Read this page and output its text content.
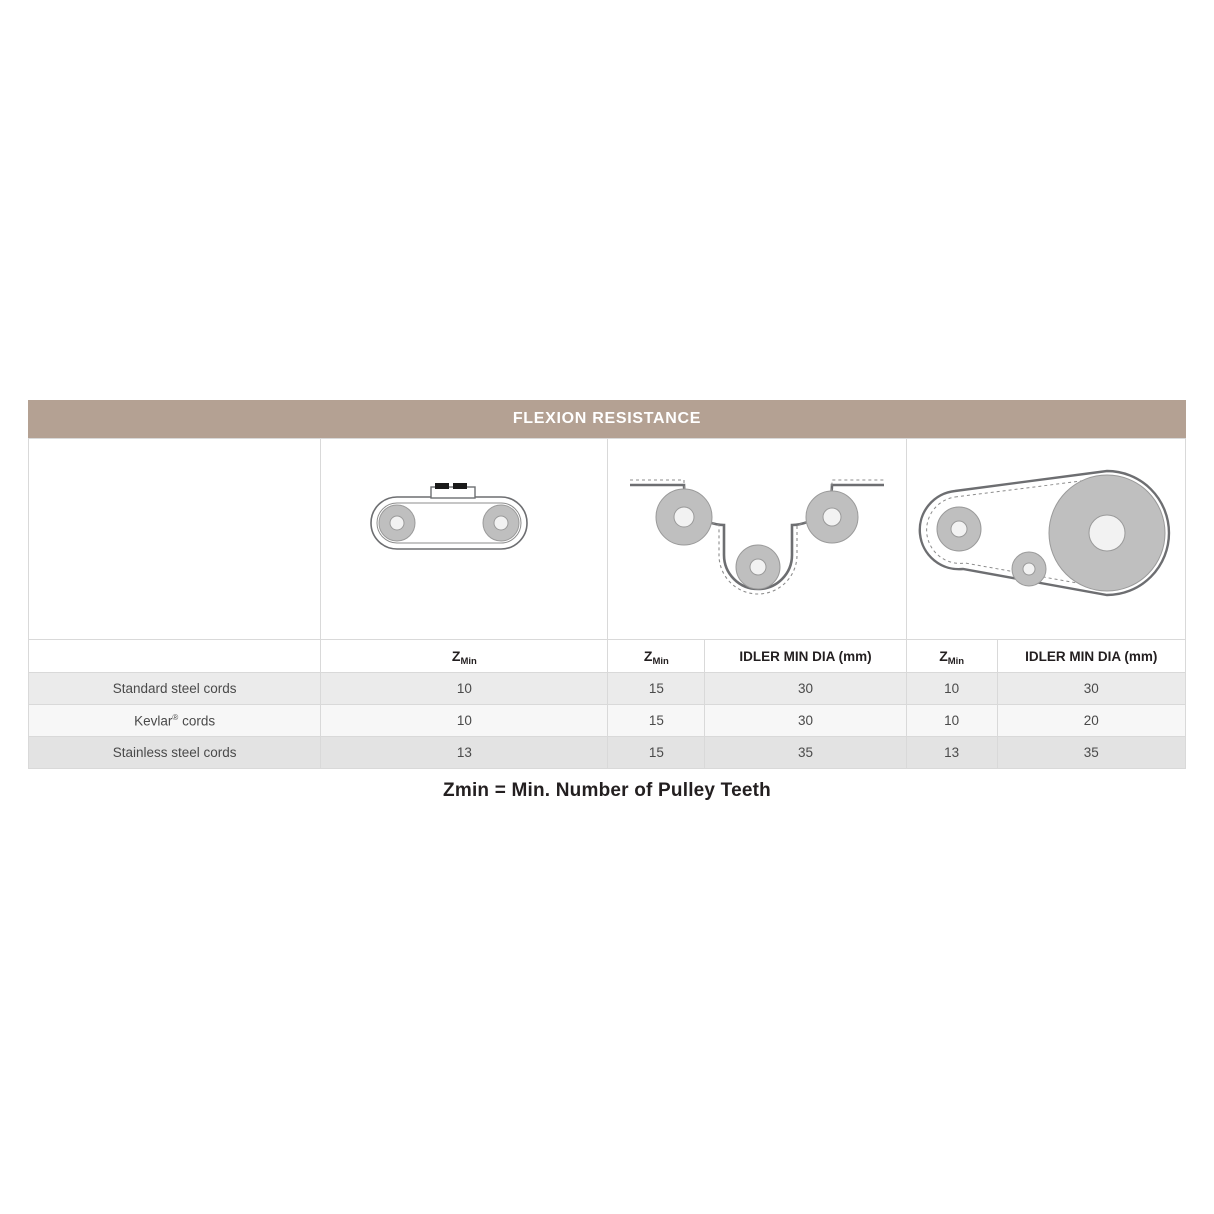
FLEXION RESISTANCE

	$Z_{Min}$	$Z_{Min}$	IDLER MIN DIA (mm)	$Z_{Min}$	IDLER MIN DIA (mm)
Standard steel cords	10	15	30	10	30
Kevlar® cords	10	15	30	10	20
Stainless steel cords	13	15	35	13	35
Zmin = Min. Number of Pulley Teeth
